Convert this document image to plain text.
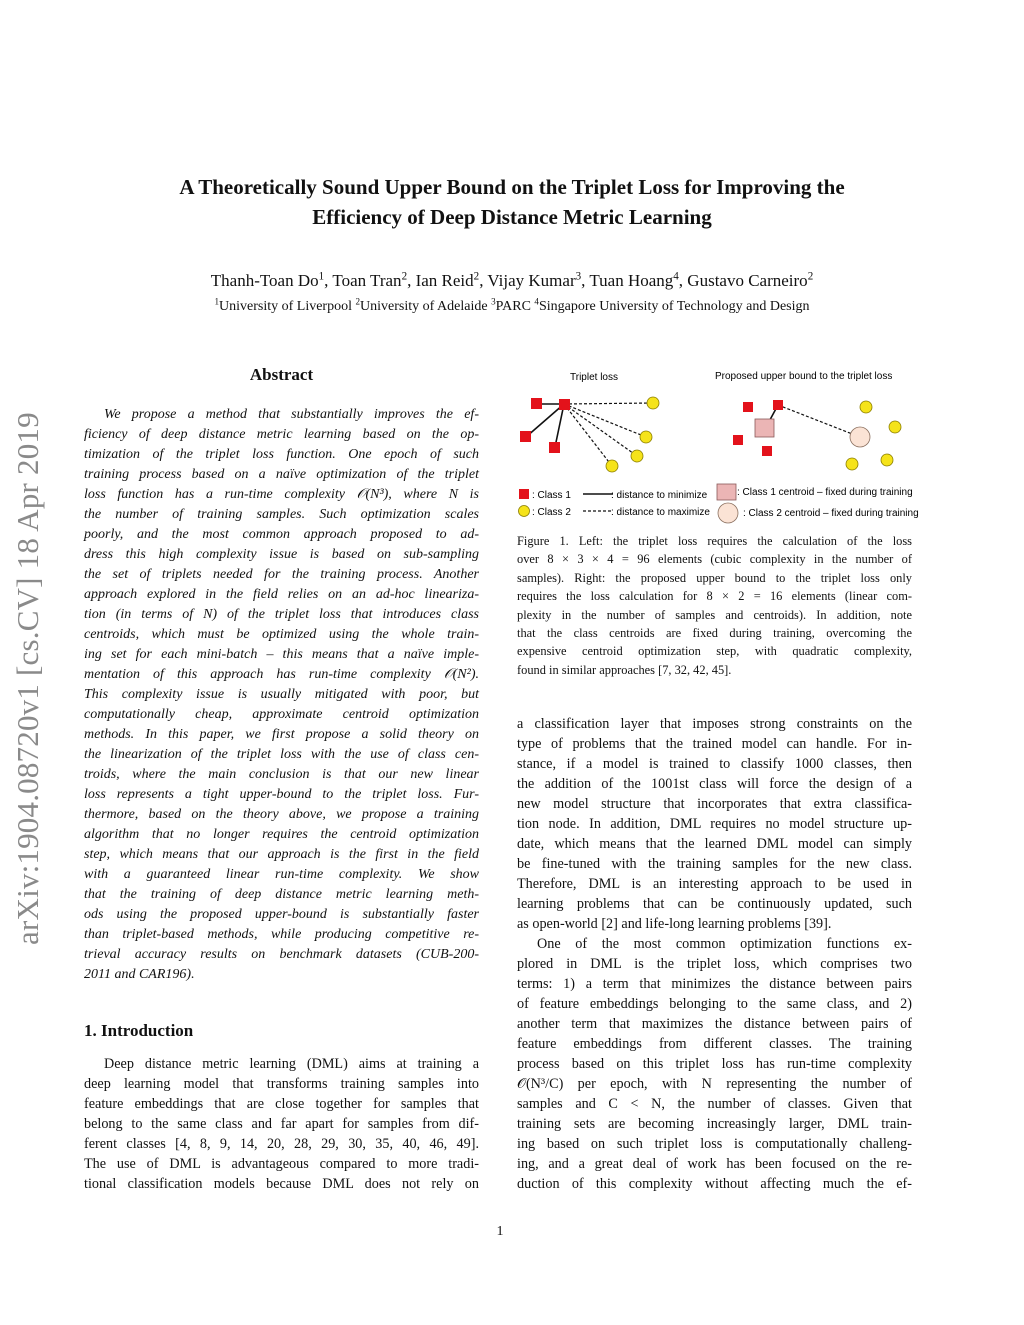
arXiv:1904.08720v1 [cs.CV] 18 Apr 2019
A Theoretically Sound Upper Bound on the Triplet Loss for Improving the
Efficiency of Deep Distance Metric Learning
Thanh-Toan Do$^1$, Toan Tran$^2$, Ian Reid$^2$, Vijay Kumar$^3$, Tuan Hoang$^4$, Gustavo Carneiro$^2$
$^1$University of Liverpool $^2$University of Adelaide $^3$PARC $^4$Singapore University of Technology and Design
Abstract
We propose a method that substantially improves the ef-
ficiency of deep distance metric learning based on the op-
timization of the triplet loss function. One epoch of such
training process based on a naïve optimization of the triplet
loss function has a run-time complexity 𝒪(N³), where N is
the number of training samples. Such optimization scales
poorly, and the most common approach proposed to ad-
dress this high complexity issue is based on sub-sampling
the set of triplets needed for the training process. Another
approach explored in the field relies on an ad-hoc lineariza-
tion (in terms of N) of the triplet loss that introduces class
centroids, which must be optimized using the whole train-
ing set for each mini-batch – this means that a naïve imple-
mentation of this approach has run-time complexity 𝒪(N²).
This complexity issue is usually mitigated with poor, but
computationally cheap, approximate centroid optimization
methods. In this paper, we first propose a solid theory on
the linearization of the triplet loss with the use of class cen-
troids, where the main conclusion is that our new linear
loss represents a tight upper-bound to the triplet loss. Fur-
thermore, based on the theory above, we propose a training
algorithm that no longer requires the centroid optimization
step, which means that our approach is the first in the field
with a guaranteed linear run-time complexity. We show
that the training of deep distance metric learning meth-
ods using the proposed upper-bound is substantially faster
than triplet-based methods, while producing competitive re-
trieval accuracy results on benchmark datasets (CUB-200-
2011 and CAR196).
1. Introduction
Deep distance metric learning (DML) aims at training a
deep learning model that transforms training samples into
feature embeddings that are close together for samples that
belong to the same class and far apart for samples from dif-
ferent classes [4, 8, 9, 14, 20, 28, 29, 30, 35, 40, 46, 49].
The use of DML is advantageous compared to more tradi-
tional classification models because DML does not rely on
Triplet loss	Proposed upper bound to the triplet loss
: Class 1
: Class 2
: distance to minimize
: distance to maximize
: Class 1 centroid – fixed during training
: Class 2 centroid – fixed during training
Figure 1. Left: the triplet loss requires the calculation of the loss
over 8 × 3 × 4 = 96 elements (cubic complexity in the number of
samples). Right: the proposed upper bound to the triplet loss only
requires the loss calculation for 8 × 2 = 16 elements (linear com-
plexity in the number of samples and centroids). In addition, note
that the class centroids are fixed during training, overcoming the
expensive centroid optimization step, with quadratic complexity,
found in similar approaches [7, 32, 42, 45].
a classification layer that imposes strong constraints on the
type of problems that the trained model can handle. For in-
stance, if a model is trained to classify 1000 classes, then
the addition of the 1001st class will force the design of a
new model structure that incorporates that extra classifica-
tion node. In addition, DML requires no model structure up-
date, which means that the learned DML model can simply
be fine-tuned with the training samples for the new class.
Therefore, DML is an interesting approach to be used in
learning problems that can be continuously updated, such
as open-world [2] and life-long learning problems [39].
One of the most common optimization functions ex-
plored in DML is the triplet loss, which comprises two
terms: 1) a term that minimizes the distance between pairs
of feature embeddings belonging to the same class, and 2)
another term that maximizes the distance between pairs of
feature embeddings from different classes. The training
process based on this triplet loss has run-time complexity
𝒪(N³/C) per epoch, with N representing the number of
samples and C < N, the number of classes. Given that
training sets are becoming increasingly larger, DML train-
ing based on such triplet loss is computationally challeng-
ing, and a great deal of work has been focused on the re-
duction of this complexity without affecting much the ef-
1
